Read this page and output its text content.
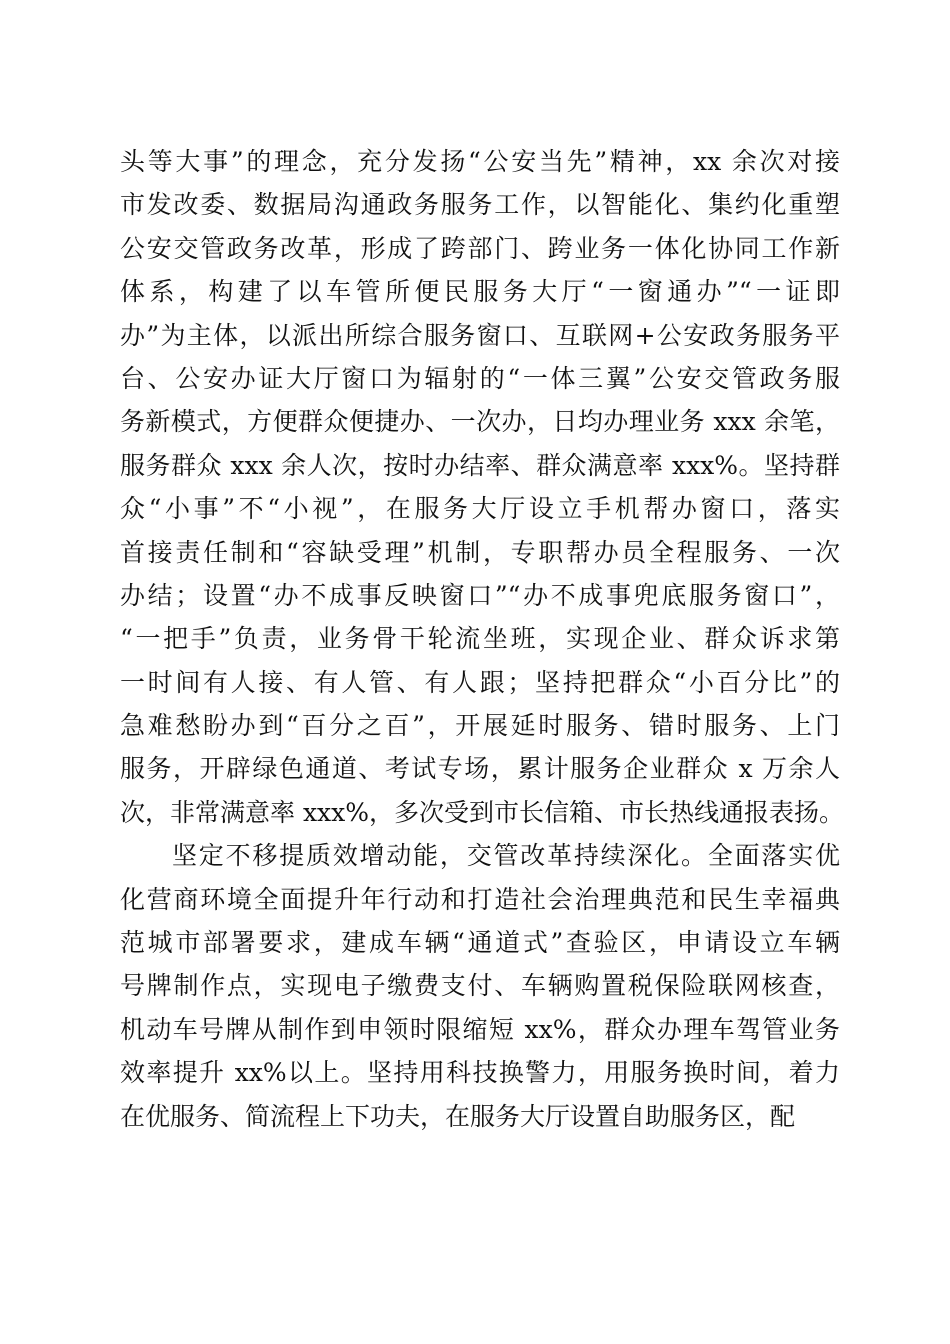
头等大事”的理念，充分发扬“公安当先”精神，xx 余次对接
市发改委、数据局沟通政务服务工作，以智能化、集约化重塑
公安交管政务改革，形成了跨部门、跨业务一体化协同工作新
体系，构建了以车管所便民服务大厅“一窗通办”“一证即
办”为主体，以派出所综合服务窗口、互联网+公安政务服务平
台、公安办证大厅窗口为辐射的“一体三翼”公安交管政务服
务新模式，方便群众便捷办、一次办，日均办理业务 xxx 余笔，
服务群众 xxx 余人次，按时办结率、群众满意率 xxx%。坚持群
众“小事”不“小视”，在服务大厅设立手机帮办窗口，落实
首接责任制和“容缺受理”机制，专职帮办员全程服务、一次
办结；设置“办不成事反映窗口”“办不成事兜底服务窗口”，
“一把手”负责，业务骨干轮流坐班，实现企业、群众诉求第
一时间有人接、有人管、有人跟；坚持把群众“小百分比”的
急难愁盼办到“百分之百”，开展延时服务、错时服务、上门
服务，开辟绿色通道、考试专场，累计服务企业群众 x 万余人
次，非常满意率 xxx%，多次受到市长信箱、市长热线通报表扬。
坚定不移提质效增动能，交管改革持续深化。全面落实优
化营商环境全面提升年行动和打造社会治理典范和民生幸福典
范城市部署要求，建成车辆“通道式”查验区，申请设立车辆
号牌制作点，实现电子缴费支付、车辆购置税保险联网核查，
机动车号牌从制作到申领时限缩短 xx%，群众办理车驾管业务
效率提升 xx%以上。坚持用科技换警力，用服务换时间，着力
在优服务、简流程上下功夫，在服务大厅设置自助服务区，配
